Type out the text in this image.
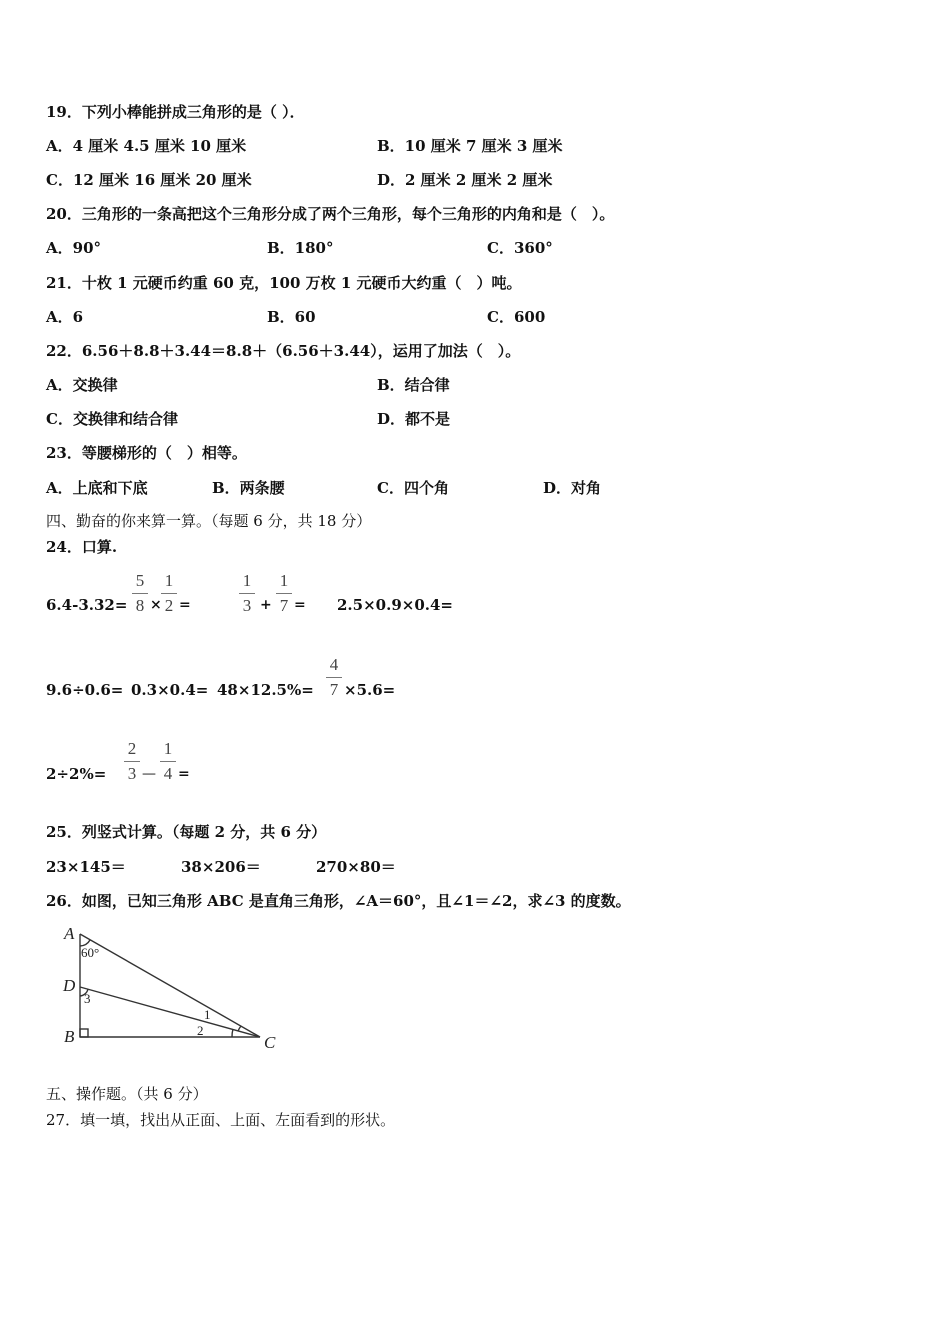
19．下列小棒能拼成三角形的是（ ）．
A．4 厘米 4.5 厘米 10 厘米	B．10 厘米 7 厘米 3 厘米
C．12 厘米 16 厘米 20 厘米	D．2 厘米 2 厘米 2 厘米
20．三角形的一条高把这个三角形分成了两个三角形，每个三角形的内角和是（　）。
A．90°	B．180°	C．360°
21．十枚 1 元硬币约重 60 克，100 万枚 1 元硬币大约重（　）吨。
A．6	B．60	C．600
22．6.56＋8.8＋3.44＝8.8＋（6.56＋3.44），运用了加法（　）。
A．交换律	B．结合律
C．交换律和结合律	D．都不是
23．等腰梯形的（　）相等。
A．上底和下底	B．两条腰	C．四个角	D．对角
四、勤奋的你来算一算。（每题 6 分，共 18 分）
24．口算.
6.4-3.32=
5
8 ×
1
2 =
1
3 +
1
7 = 2.5×0.9×0.4=
9.6÷0.6= 0.3×0.4= 48×12.5%=
4
7 ×5.6=
2÷2%=
2
3 —
1
4 =
25．列竖式计算。（每题 2 分，共 6 分）
23×145＝	38×206＝	270×80＝
26．如图，已知三角形 ABC 是直角三角形，∠A＝60°，且∠1＝∠2，求∠3 的度数。
A
D
B	C
60°
3
1
2
五、操作题。（共 6 分）
27．填一填，找出从正面、上面、左面看到的形状。
